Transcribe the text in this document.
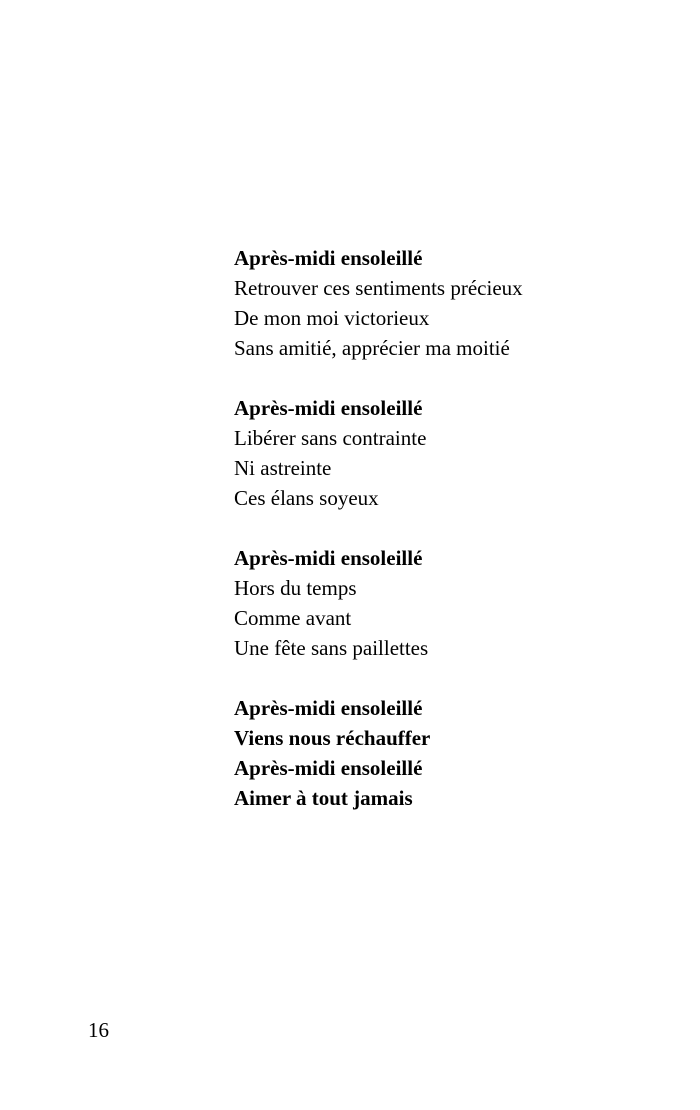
Après-midi ensoleillé
Retrouver ces sentiments précieux
De mon moi victorieux
Sans amitié, apprécier ma moitié
Après-midi ensoleillé
Libérer sans contrainte
Ni astreinte
Ces élans soyeux
Après-midi ensoleillé
Hors du temps
Comme avant
Une fête sans paillettes
Après-midi ensoleillé
Viens nous réchauffer
Après-midi ensoleillé
Aimer à tout jamais
16
